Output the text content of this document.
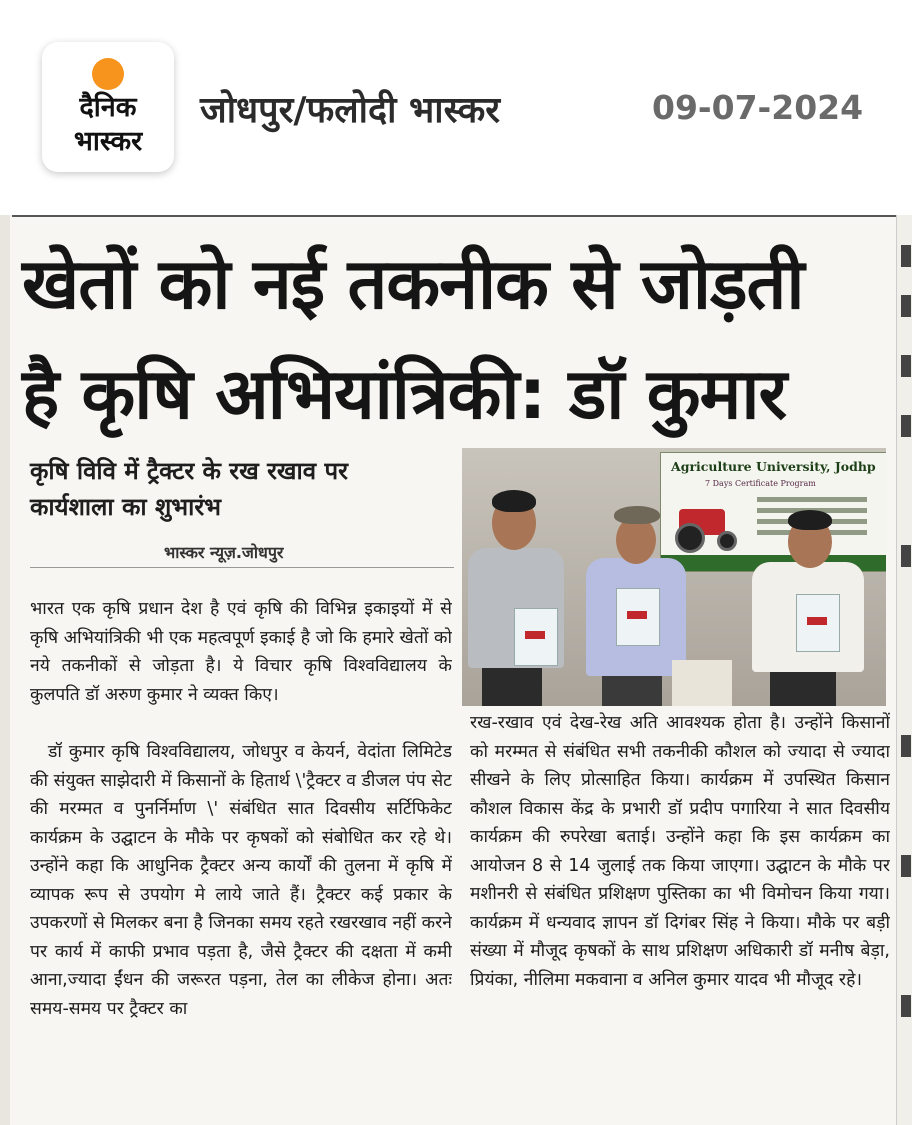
दैनिक
भास्कर
जोधपुर/फलोदी भास्कर	09-07-2024
खेतों को नई तकनीक से जोड़ती
है कृषि अभियांत्रिकी: डॉ कुमार
कृषि विवि में ट्रैक्टर के रख रखाव पर
कार्यशाला का शुभारंभ
भास्कर न्यूज़.जोधपुर

भारत एक कृषि प्रधान देश है एवं कृषि की विभिन्न इकाइयों में से कृषि अभियांत्रिकी भी एक महत्वपूर्ण इकाई है जो कि हमारे खेतों को नये तकनीकों से जोड़ता है। ये विचार कृषि विश्वविद्यालय के कुलपति डॉ अरुण कुमार ने व्यक्त किए।

डॉ कुमार कृषि विश्वविद्यालय, जोधपुर व केयर्न, वेदांता लिमिटेड की संयुक्त साझेदारी में किसानों के हितार्थ \'ट्रैक्टर व डीजल पंप सेट की मरम्मत व पुनर्निर्माण \' संबंधित सात दिवसीय सर्टिफिकेट कार्यक्रम के उद्घाटन के मौके पर कृषकों को संबोधित कर रहे थे। उन्होंने कहा कि आधुनिक ट्रैक्टर अन्य कार्यों की तुलना में कृषि में व्यापक रूप से उपयोग मे लाये जाते हैं। ट्रैक्टर कई प्रकार के उपकरणों से मिलकर बना है जिनका समय रहते रखरखाव नहीं करने पर कार्य में काफी प्रभाव पड़ता है, जैसे ट्रैक्टर की दक्षता में कमी आना,ज्यादा ईंधन की जरूरत पड़ना, तेल का लीकेज होना। अतः समय-समय पर ट्रैक्टर का

रख-रखाव एवं देख-रेख अति आवश्यक होता है। उन्होंने किसानों को मरम्मत से संबंधित सभी तकनीकी कौशल को ज्यादा से ज्यादा सीखने के लिए प्रोत्साहित किया। कार्यक्रम में उपस्थित किसान कौशल विकास केंद्र के प्रभारी डॉ प्रदीप पगारिया ने सात दिवसीय कार्यक्रम की रुपरेखा बताई। उन्होंने कहा कि इस कार्यक्रम का आयोजन 8 से 14 जुलाई तक किया जाएगा। उद्घाटन के मौके पर मशीनरी से संबंधित प्रशिक्षण पुस्तिका का भी विमोचन किया गया। कार्यक्रम में धन्यवाद ज्ञापन डॉ दिगंबर सिंह ने किया। मौके पर बड़ी संख्या में मौजूद कृषकों के साथ प्रशिक्षण अधिकारी डॉ मनीष बेड़ा, प्रियंका, नीलिमा मकवाना व अनिल कुमार यादव भी मौजूद रहे।

Agriculture University, Jodhp
7 Days Certificate Program
